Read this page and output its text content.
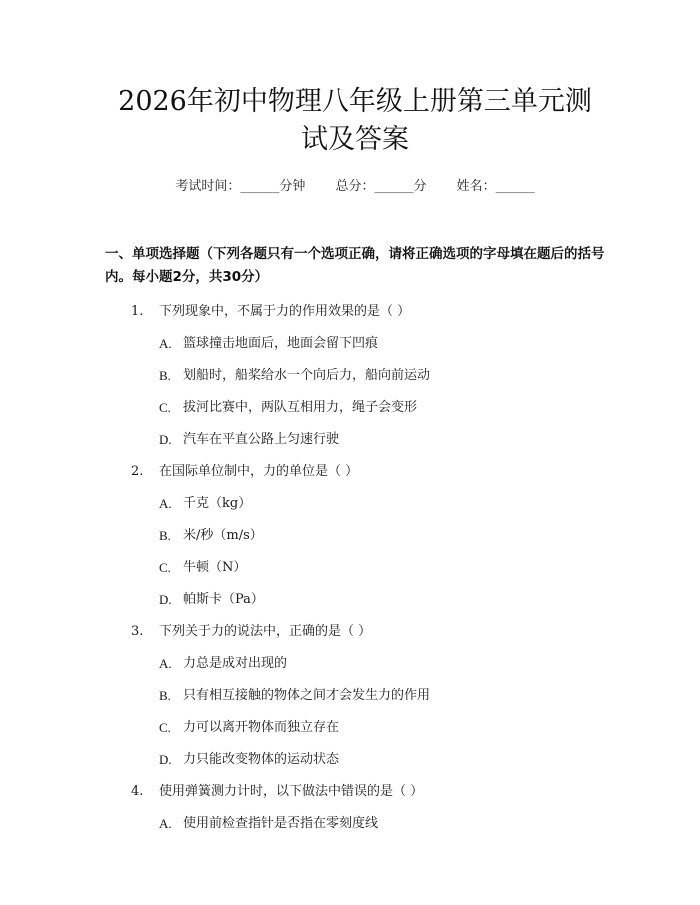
2026年初中物理八年级上册第三单元测试及答案
考试时间：______分钟 总分：______分 姓名：______
一、单项选择题（下列各题只有一个选项正确，请将正确选项的字母填在题后的括号内。每小题2分，共30分）
1.	下列现象中，不属于力的作用效果的是（ ）
A. 篮球撞击地面后，地面会留下凹痕
B. 划船时，船桨给水一个向后力，船向前运动
C. 拔河比赛中，两队互相用力，绳子会变形
D. 汽车在平直公路上匀速行驶
2.	在国际单位制中，力的单位是（ ）
A. 千克（kg）
B. 米/秒（m/s）
C. 牛顿（N）
D. 帕斯卡（Pa）
3.	下列关于力的说法中，正确的是（ ）
A. 力总是成对出现的
B. 只有相互接触的物体之间才会发生力的作用
C. 力可以离开物体而独立存在
D. 力只能改变物体的运动状态
4.	使用弹簧测力计时，以下做法中错误的是（ ）
A. 使用前检查指针是否指在零刻度线
